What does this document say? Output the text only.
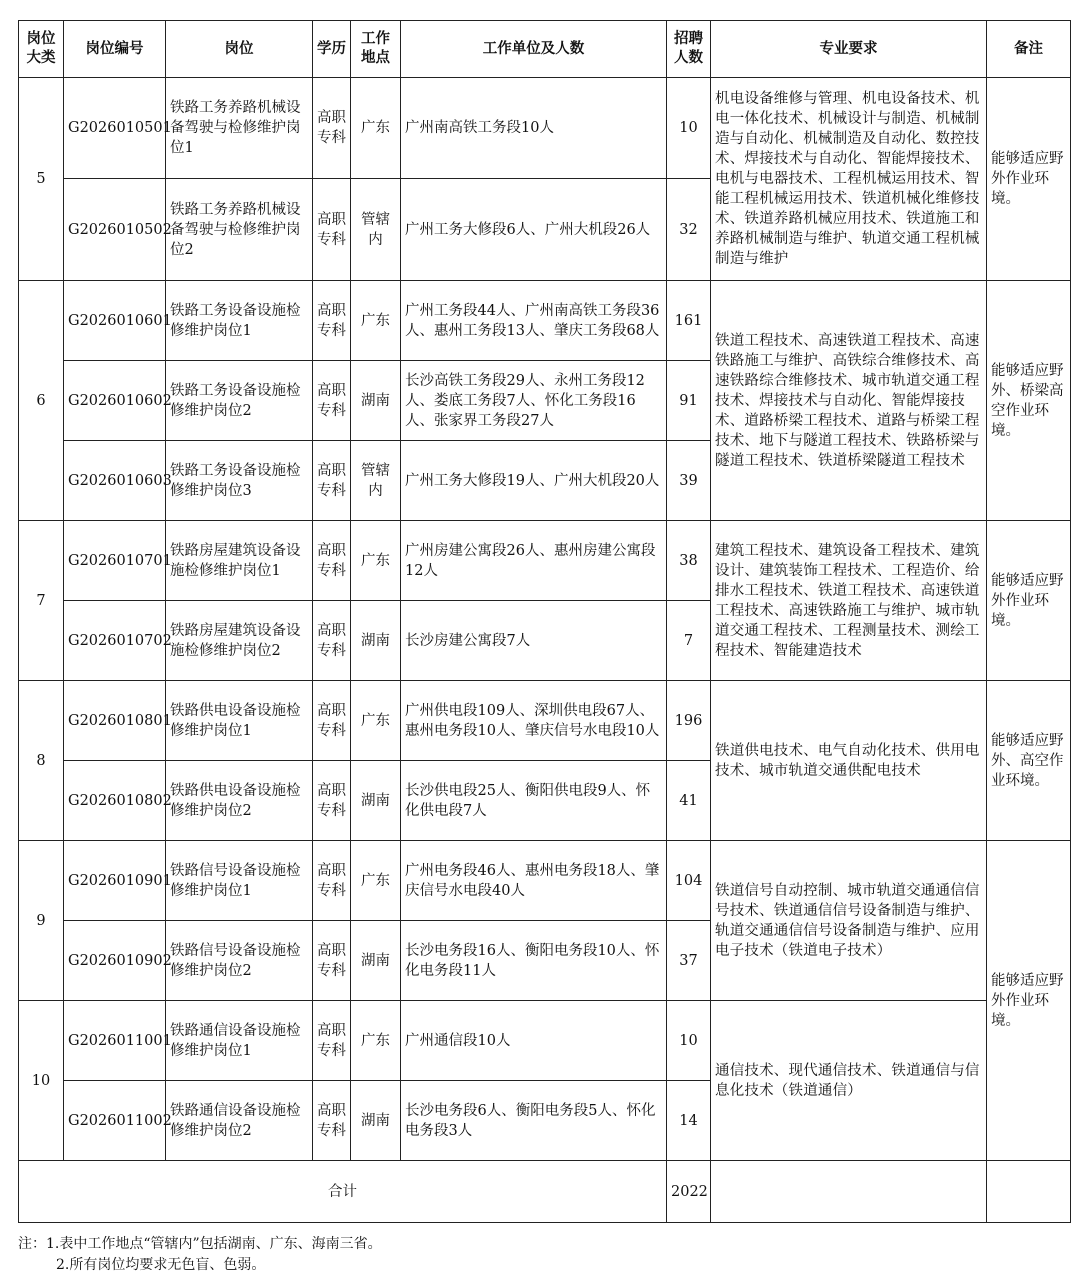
岗位大类	岗位编号	岗位	学历	工作地点	工作单位及人数	招聘人数	专业要求	备注
5	G2026010501	铁路工务养路机械设备驾驶与检修维护岗位1	高职专科	广东	广州南高铁工务段10人	10	机电设备维修与管理、机电设备技术、机电一体化技术、机械设计与制造、机械制造与自动化、机械制造及自动化、数控技术、焊接技术与自动化、智能焊接技术、电机与电器技术、工程机械运用技术、智能工程机械运用技术、铁道机械化维修技术、铁道养路机械应用技术、铁道施工和养路机械制造与维护、轨道交通工程机械制造与维护	能够适应野外作业环境。
	G2026010502	铁路工务养路机械设备驾驶与检修维护岗位2	高职专科	管辖内	广州工务大修段6人、广州大机段26人	32		
6	G2026010601	铁路工务设备设施检修维护岗位1	高职专科	广东	广州工务段44人、广州南高铁工务段36人、惠州工务段13人、肇庆工务段68人	161	铁道工程技术、高速铁道工程技术、高速铁路施工与维护、高铁综合维修技术、高速铁路综合维修技术、城市轨道交通工程技术、焊接技术与自动化、智能焊接技术、道路桥梁工程技术、道路与桥梁工程技术、地下与隧道工程技术、铁路桥梁与隧道工程技术、铁道桥梁隧道工程技术	能够适应野外、桥梁高空作业环境。
	G2026010602	铁路工务设备设施检修维护岗位2	高职专科	湖南	长沙高铁工务段29人、永州工务段12人、娄底工务段7人、怀化工务段16人、张家界工务段27人	91		
	G2026010603	铁路工务设备设施检修维护岗位3	高职专科	管辖内	广州工务大修段19人、广州大机段20人	39		
7	G2026010701	铁路房屋建筑设备设施检修维护岗位1	高职专科	广东	广州房建公寓段26人、惠州房建公寓段12人	38	建筑工程技术、建筑设备工程技术、建筑设计、建筑装饰工程技术、工程造价、给排水工程技术、铁道工程技术、高速铁道工程技术、高速铁路施工与维护、城市轨道交通工程技术、工程测量技术、测绘工程技术、智能建造技术	能够适应野外作业环境。
	G2026010702	铁路房屋建筑设备设施检修维护岗位2	高职专科	湖南	长沙房建公寓段7人	7		
8	G2026010801	铁路供电设备设施检修维护岗位1	高职专科	广东	广州供电段109人、深圳供电段67人、惠州电务段10人、肇庆信号水电段10人	196	铁道供电技术、电气自动化技术、供用电技术、城市轨道交通供配电技术	能够适应野外、高空作业环境。
	G2026010802	铁路供电设备设施检修维护岗位2	高职专科	湖南	长沙供电段25人、衡阳供电段9人、怀化供电段7人	41		
9	G2026010901	铁路信号设备设施检修维护岗位1	高职专科	广东	广州电务段46人、惠州电务段18人、肇庆信号水电段40人	104	铁道信号自动控制、城市轨道交通通信信号技术、铁道通信信号设备制造与维护、轨道交通通信信号设备制造与维护、应用电子技术（铁道电子技术）	能够适应野外作业环境。
	G2026010902	铁路信号设备设施检修维护岗位2	高职专科	湖南	长沙电务段16人、衡阳电务段10人、怀化电务段11人	37		
10	G2026011001	铁路通信设备设施检修维护岗位1	高职专科	广东	广州通信段10人	10	通信技术、现代通信技术、铁道通信与信息化技术（铁道通信）	
	G2026011002	铁路通信设备设施检修维护岗位2	高职专科	湖南	长沙电务段6人、衡阳电务段5人、怀化电务段3人	14		
合计						2022		
注：1.表中工作地点“管辖内”包括湖南、广东、海南三省。
2.所有岗位均要求无色盲、色弱。
